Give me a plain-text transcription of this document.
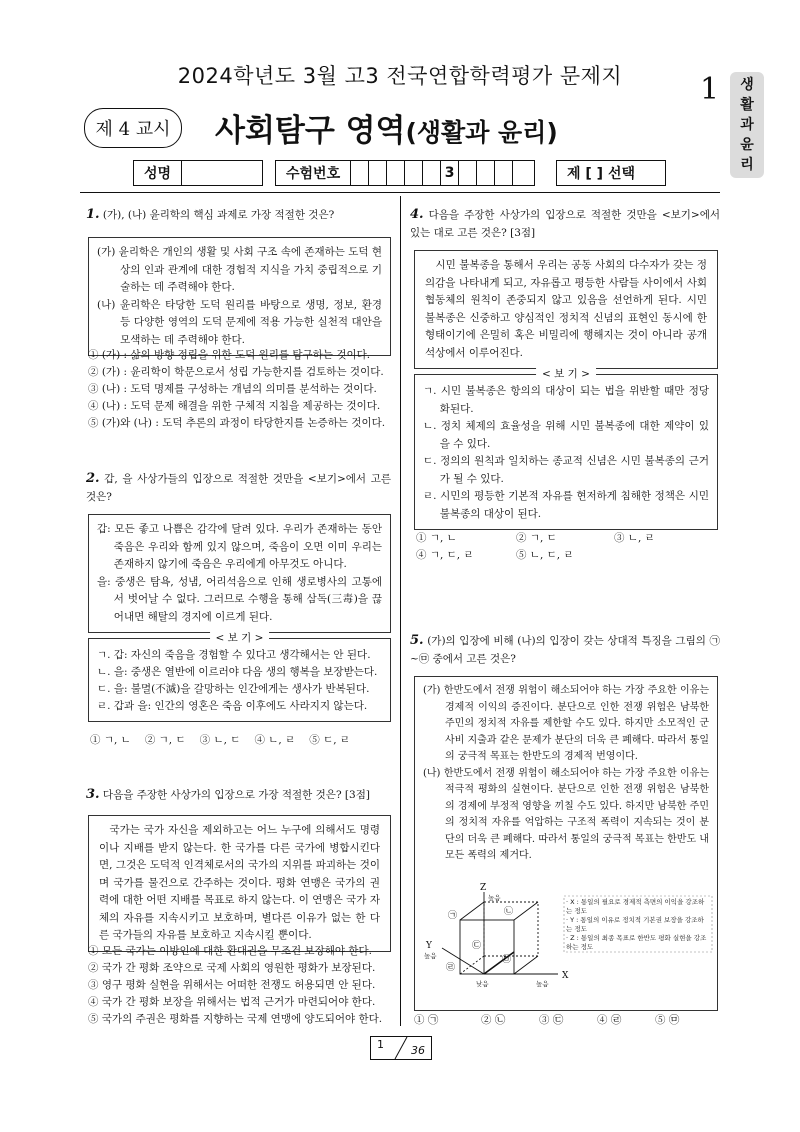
2024학년도 3월 고3 전국연합학력평가 문제지	1 생
활
과
윤
리
제 4 교시	사회탐구 영역(생활과 윤리)
성명	수험번호	3	제 [ ] 선택
1. (가), (나) 윤리학의 핵심 과제로 가장 적절한 것은?
(가) 윤리학은 개인의 생활 및 사회 구조 속에 존재하는 도덕 현상의 인과 관계에 대한 경험적 지식을 가치 중립적으로 기술하는 데 주력해야 한다.
(나) 윤리학은 타당한 도덕 원리를 바탕으로 생명, 정보, 환경 등 다양한 영역의 도덕 문제에 적용 가능한 실천적 대안을 모색하는 데 주력해야 한다.
① (가) : 삶의 방향 정립을 위한 도덕 원리를 탐구하는 것이다.
② (가) : 윤리학이 학문으로서 성립 가능한지를 검토하는 것이다.
③ (나) : 도덕 명제를 구성하는 개념의 의미를 분석하는 것이다.
④ (나) : 도덕 문제 해결을 위한 구체적 지침을 제공하는 것이다.
⑤ (가)와 (나) : 도덕 추론의 과정이 타당한지를 논증하는 것이다.
2. 갑, 을 사상가들의 입장으로 적절한 것만을 <보기>에서 고른 것은?
갑: 모든 좋고 나쁨은 감각에 달려 있다. 우리가 존재하는 동안 죽음은 우리와 함께 있지 않으며, 죽음이 오면 이미 우리는 존재하지 않기에 죽음은 우리에게 아무것도 아니다.
을: 중생은 탐욕, 성냄, 어리석음으로 인해 생로병사의 고통에서 벗어날 수 없다. 그러므로 수행을 통해 삼독(三毒)을 끊어내면 해탈의 경지에 이르게 된다.
< 보 기 >
ㄱ. 갑: 자신의 죽음을 경험할 수 있다고 생각해서는 안 된다.
ㄴ. 을: 중생은 열반에 이르러야 다음 생의 행복을 보장받는다.
ㄷ. 을: 불멸(不滅)을 갈망하는 인간에게는 생사가 반복된다.
ㄹ. 갑과 을: 인간의 영혼은 죽음 이후에도 사라지지 않는다.
① ㄱ, ㄴ ② ㄱ, ㄷ ③ ㄴ, ㄷ ④ ㄴ, ㄹ ⑤ ㄷ, ㄹ
3. 다음을 주장한 사상가의 입장으로 가장 적절한 것은? [3점]
국가는 국가 자신을 제외하고는 어느 누구에 의해서도 명령이나 지배를 받지 않는다. 한 국가를 다른 국가에 병합시킨다면, 그것은 도덕적 인격체로서의 국가의 지위를 파괴하는 것이며 국가를 물건으로 간주하는 것이다. 평화 연맹은 국가의 권력에 대한 어떤 지배를 목표로 하지 않는다. 이 연맹은 국가 자체의 자유를 지속시키고 보호하며, 별다른 이유가 없는 한 다른 국가들의 자유를 보호하고 지속시킬 뿐이다.
① 모든 국가는 이방인에 대한 환대권을 무조건 보장해야 한다.
② 국가 간 평화 조약으로 국제 사회의 영원한 평화가 보장된다.
③ 영구 평화 실현을 위해서는 어떠한 전쟁도 허용되면 안 된다.
④ 국가 간 평화 보장을 위해서는 법적 근거가 마련되어야 한다.
⑤ 국가의 주권은 평화를 지향하는 국제 연맹에 양도되어야 한다.
4. 다음을 주장한 사상가의 입장으로 적절한 것만을 <보기>에서 있는 대로 고른 것은? [3점]
시민 불복종을 통해서 우리는 공동 사회의 다수자가 갖는 정의감을 나타내게 되고, 자유롭고 평등한 사람들 사이에서 사회 협동체의 원칙이 존중되지 않고 있음을 선언하게 된다. 시민 불복종은 신중하고 양심적인 정치적 신념의 표현인 동시에 한 형태이기에 은밀히 혹은 비밀리에 행해지는 것이 아니라 공개 석상에서 이루어진다.
< 보 기 >
ㄱ. 시민 불복종은 항의의 대상이 되는 법을 위반할 때만 정당화된다.
ㄴ. 정치 체제의 효율성을 위해 시민 불복종에 대한 제약이 있을 수 있다.
ㄷ. 정의의 원칙과 일치하는 종교적 신념은 시민 불복종의 근거가 될 수 있다.
ㄹ. 시민의 평등한 기본적 자유를 현저하게 침해한 정책은 시민 불복종의 대상이 된다.
① ㄱ, ㄴ	② ㄱ, ㄷ	③ ㄴ, ㄹ
④ ㄱ, ㄷ, ㄹ	⑤ ㄴ, ㄷ, ㄹ
5. (가)의 입장에 비해 (나)의 입장이 갖는 상대적 특징을 그림의 ㉠~㉤ 중에서 고른 것은?
(가) 한반도에서 전쟁 위험이 해소되어야 하는 가장 주요한 이유는 경제적 이익의 증진이다. 분단으로 인한 전쟁 위험은 남북한 주민의 정치적 자유를 제한할 수도 있다. 하지만 소모적인 군사비 지출과 같은 문제가 분단의 더욱 큰 폐해다. 따라서 통일의 궁극적 목표는 한반도의 경제적 번영이다.
(나) 한반도에서 전쟁 위험이 해소되어야 하는 가장 주요한 이유는 적극적 평화의 실현이다. 분단으로 인한 전쟁 위험은 남북한의 경제에 부정적 영향을 끼칠 수도 있다. 하지만 남북한 주민의 정치적 자유를 억압하는 구조적 폭력이 지속되는 것이 분단의 더욱 큰 폐해다. 따라서 통일의 궁극적 목표는 한반도 내 모든 폭력의 제거다.
Z
X
Y
높음
높음
낮음	높음
㉠	㉡
㉢
㉣
㉤
· X : 통일의 필요로 경제적 측면의 이익을 강조하는 정도
· Y : 통일의 이유로 정치적 기본권 보장을 강조하는 정도
· Z : 통일의 최종 목표로 한반도 평화 실현을 강조하는 정도
① ㉠	② ㉡	③ ㉢	④ ㉣	⑤ ㉤
1 36
